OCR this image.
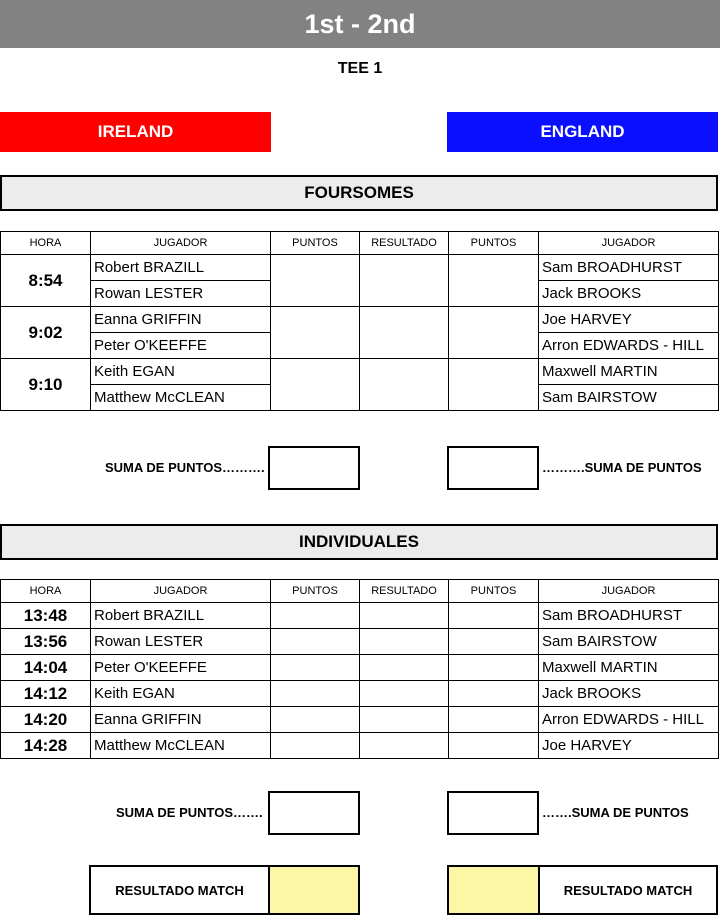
1st - 2nd
TEE 1
IRELAND	ENGLAND
FOURSOMES
HORA	JUGADOR	PUNTOS	RESULTADO	PUNTOS	JUGADOR
8:54	Robert BRAZILL				Sam BROADHURST
	Rowan LESTER				Jack BROOKS
9:02	Eanna GRIFFIN				Joe HARVEY
	Peter O'KEEFFE				Arron EDWARDS - HILL
9:10	Keith EGAN				Maxwell MARTIN
	Matthew McCLEAN				Sam BAIRSTOW
SUMA DE PUNTOS……….	……….SUMA DE PUNTOS
INDIVIDUALES
HORA	JUGADOR	PUNTOS	RESULTADO	PUNTOS	JUGADOR
13:48	Robert BRAZILL				Sam BROADHURST
13:56	Rowan LESTER				Sam BAIRSTOW
14:04	Peter O'KEEFFE				Maxwell MARTIN
14:12	Keith EGAN				Jack BROOKS
14:20	Eanna GRIFFIN				Arron EDWARDS - HILL
14:28	Matthew McCLEAN				Joe HARVEY
SUMA DE PUNTOS…….	…….SUMA DE PUNTOS
RESULTADO MATCH	RESULTADO MATCH
